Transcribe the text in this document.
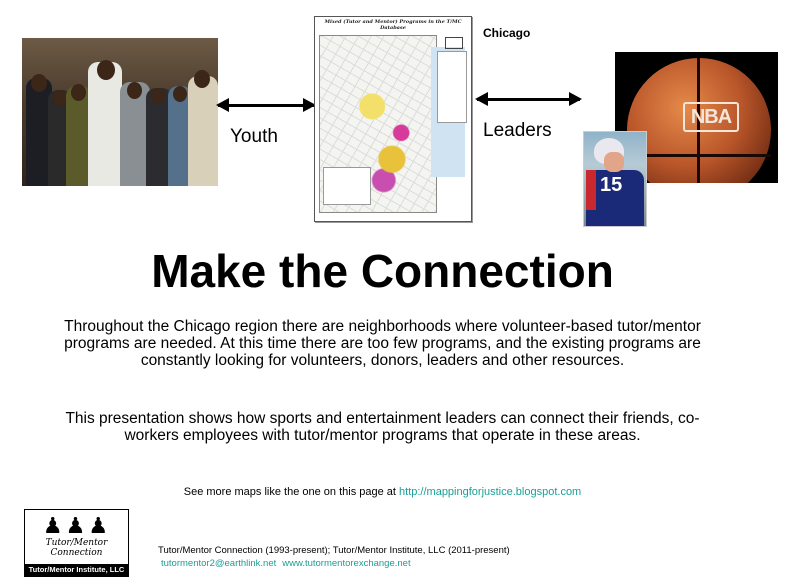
Youth
Mixed (Tutor and Mentor) Programs in the T/MC Database	Chicago
Leaders
NBA
15
Make the Connection
Throughout the Chicago region there are neighborhoods where volunteer-based tutor/mentor programs are needed. At this time there are too few programs, and the existing programs are constantly looking for volunteers, donors, leaders and other resources.
This presentation shows how sports and entertainment leaders can connect their friends, co-workers employees with tutor/mentor programs that operate in these areas.
See more maps like the one on this page at http://mappingforjustice.blogspot.com
♟♟♟
Tutor/Mentor
Connection
Tutor/Mentor Institute, LLC
Tutor/Mentor Connection (1993-present); Tutor/Mentor Institute, LLC (2011-present)
tutormentor2@earthlink.net www.tutormentorexchange.net
